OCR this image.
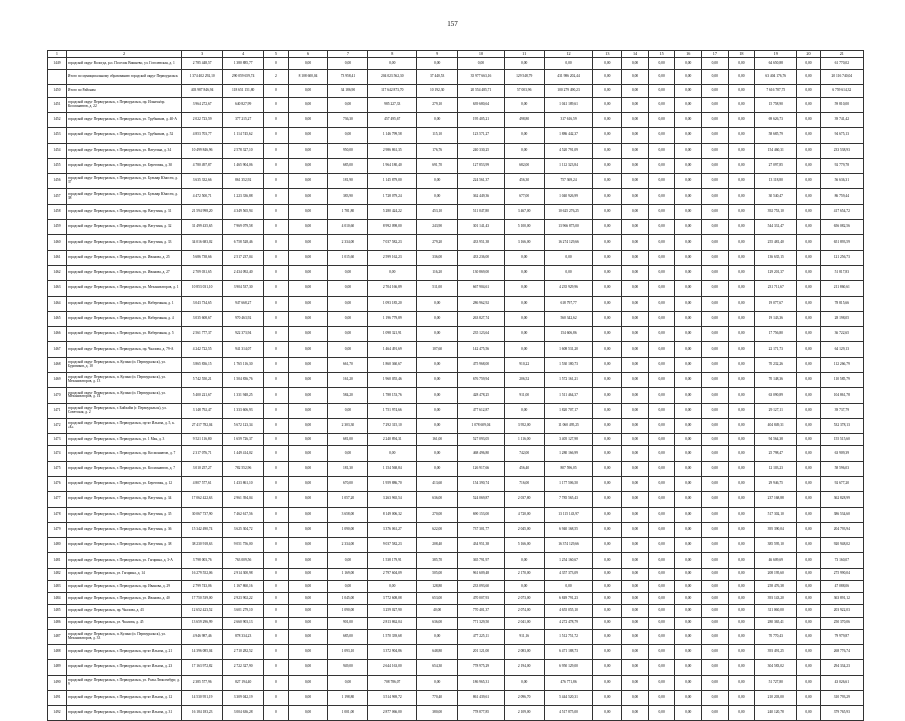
157
1	2	3	4	5	6	7	8	9	10	11	12	13	14	15	16	17	18	19	20	21
1449	городской округ Вологда, р.п. Поселок Вишнево, ул. Гоголевская, д. 1	2 785 448,57	1 380 885,77	0	0,00	0,00	0,00	0,00	0,00	0,00	0,00	0,00	0,00	0,00	0,00	0,00	0,00	64 650,88	0,00	61 770,02
	Итого по муниципальному образованию городской округ Первоуральск	1 374 402 292,10	290 059 659,74	2	8 108 600,04	73 958,41	204 023 562,30	37 440,53	35 977 663,16	129 548,79	431 986 202,44	0,00	0,00	0,00	0,00	0,00	0,00	63 404 176,76	0,00	20 116 740,04
1450	Итого по Районам	403 987 846,94	118 651 151,80	0	0,00	34 186,90	117 642 873,70	10 192,30	20 554 485,71	57 003,96	100 279 490,23	0,00	0,00	0,00	0,00	0,00	0,00	7 616 787,75	0,00	6 759 614,32
1451	городской округ Первоуральск, г. Первоуральск, пр. Ильича/пр. Космонавтов, д. 22	3 964 272,67	640 827,99	0	0,00	0,00	985 227,33	279,10	639 680,64	0,00	1 041 189,61	0,00	0,00	0,00	0,00	0,00	0,00	15 758,90	0,00	59 810,00
1452	городской округ Первоуральск, г. Первоуральск, ул. Трубников, д. 40-А	2 022 723,59	377 215,27	0	0,00	736,30	457 495,67	0,00	195 405,21	498,80	317 616,59	0,00	0,00	0,00	0,00	0,00	0,00	69 626,73	0,00	39 741,42
1453	городской округ Первоуральск, г. Первоуральск, ул. Трубников, д. 52	4 853 703,77	1 114 745,62	0	0,00	0,00	1 146 799,58	115,10	123 571,27	0,00	1 886 442,37	0,00	0,00	0,00	0,00	0,00	0,00	58 685,79	0,00	94 675,13
1454	городской округ Первоуральск, г. Первоуральск, ул. Ватутина, д. 34	10 499 846,96	2 578 327,10	0	0,00	950,00	2 986 861,35	176,76	240 330,25	0,00	4 520 791,09	0,00	0,00	0,00	0,00	0,00	0,00	154 460,31	0,00	233 538,93
1455	городской округ Первоуральск, г. Первоуральск, ул. Береговая, д. 30	4 780 497,87	1 465 904,06	0	0,00	685,00	1 964 180,40	691,70	127 853,99	682,00	1 112 323,84	0,00	0,00	0,00	0,00	0,00	0,00	27 097,85	0,00	92 779,78
1456	городской округ Первоуральск, г. Первоуральск, ул. Бульвар Юности, д. 37	3 635 332,66	861 352,92	0	0,00	181,90	1 145 879,00	0,00	224 561,37	456,30	757 369,24	0,00	0,00	0,00	0,00	0,00	0,00	13 118,80	0,00	56 636,31
1457	городской округ Первоуральск, г. Первоуральск, ул. Бульвар Юности, д. 38	4 472 500,71	1 223 336,88	0	0,00	383,90	1 728 079,24	0,00	362 449,36	677,00	1 040 926,99	0,00	0,00	0,00	0,00	0,00	0,00	30 540,47	0,00	86 759,44
1458	городской округ Первоуральск, г. Первоуральск, пр. Ватутина, д. 31	21 594 998,20	4 349 565,94	0	0,00	1 781,80	5 280 424,22	453,10	511 047,80	3 467,00	10 625 276,25	0,00	0,00	0,00	0,00	0,00	0,00	392 753,10	0,00	417 654,72
1459	городской округ Первоуральск, г. Первоуральск, пр. Ватутина, д. 32	31 499 435,65	7 969 079,58	0	0,00	4 010,60	8 992 098,00	243,90	301 141,43	5 100,00	13 966 875,00	0,00	0,00	0,00	0,00	0,00	0,00	544 331,47	0,00	656 082,56
1460	городской округ Первоуральск, г. Первоуральск, пр. Ватутина, д. 33	34 016 683,02	6 758 528,46	0	0,00	2 334,00	7 037 582,23	279,20	433 951,38	3 166,00	16 274 129,66	0,00	0,00	0,00	0,00	0,00	0,00	255 481,40	0,00	651 893,59
1461	городской округ Первоуральск, г. Первоуральск, ул. Иванова, д. 25	5 686 738,66	2 517 237,04	0	0,00	1 015,60	2 599 162,23	336,00	433 236,00	0,00	0,00	0,00	0,00	0,00	0,00	0,00	0,00	136 635,15	0,00	121 256,73
1462	городской округ Первоуральск, г. Первоуральск, ул. Иванова, д. 27	2 709 031,65	2 434 092,40	0	0,00	0,00	0,00	116,20	130 869,00	0,00	0,00	0,00	0,00	0,00	0,00	0,00	0,00	129 201,37	0,00	51 817,83
1463	городской округ Первоуральск, г. Первоуральск, ул. Механизаторов, д. 1	10 853 031,10	3 904 537,30	0	0,00	0,00	2 704 166,89	511,00	667 904,61	0,00	4 235 929,96	0,00	0,00	0,00	0,00	0,00	0,00	231 711,67	0,00	211 860,61
1464	городской округ Первоуральск, г. Первоуральск, ул. Набережная, д. 1	3 043 734,65	947 668,27	0	0,00	0,00	1 093 185,20	0,00	286 962,92	0,00	618 797,77	0,00	0,00	0,00	0,00	0,00	0,00	19 077,67	0,00	78 815,66
1465	городской округ Первоуральск, г. Первоуральск, ул. Набережная, д. 4	3 035 608,67	970 463,92	0	0,00	0,00	1 196 779,89	0,00	263 827,74	0,00	560 342,62	0,00	0,00	0,00	0,00	0,00	0,00	19 143,36	0,00	28 198,05
1466	городской округ Первоуральск, г. Первоуральск, ул. Набережная, д. 5	2 561 777,37	922 373,94	0	0,00	0,00	1 098 321,91	0,00	235 123,64	0,00	154 606,86	0,00	0,00	0,00	0,00	0,00	0,00	17 756,80	0,00	36 722,65
1467	городской округ Первоуральск, г. Первоуральск, пр. Чкалова, д. 79-А	4 242 722,55	941 314,07	0	0,00	0,00	1 464 491,69	107,60	142 475,56	0,00	1 608 531,20	0,00	0,00	0,00	0,00	0,00	0,00	22 171,73	0,00	64 129,13
1468	городской округ Первоуральск, п. Кузино (п. Первоуральск), ул. Буровиков, д. 10	3 865 836,15	1 765 116,30	0	0,00	661,70	1 860 360,67	0,00	475 968,00	910,22	1 530 180,73	0,00	0,00	0,00	0,00	0,00	0,00	70 232,26	0,00	112 266,79
1469	городской округ Первоуральск, п. Кузино (п. Первоуральск), ул. Механизаторов, д. 13	5 742 550,21	1 504 836,76	0	0,00	161,20	1 960 055,46	0,00	676 759,94	206,52	1 572 161,21	0,00	0,00	0,00	0,00	0,00	0,00	70 148,36	0,00	110 585,79
1470	городской округ Первоуральск, п. Кузино (п. Первоуральск), ул. Механизаторов, д. 14	5 400 221,67	1 331 948,25	0	0,00	584,20	1 788 153,76	0,00	428 478,25	911,00	1 511 464,37	0,00	0,00	0,00	0,00	0,00	0,00	63 090,89	0,00	104 861,78
1471	городской округ Первоуральск, г. Бийхайм (г. Первоуральск), ул. Советская, д. 2	3 148 792,47	1 333 606,93	0	0,00	0,00	1 751 974,66	0,00	477 612,87	0,00	1 820 707,17	0,00	0,00	0,00	0,00	0,00	0,00	29 127,11	0,00	39 737,79
1472	городской округ Первоуральск, г. Первоуральск, пр-кт Ильича, д. 5, к. «Б»	27 417 782,04	5 672 123,34	0	0,00	2 303,30	7 292 315,10	0,00	1 078 609,04	3 952,00	11 060 495,25	0,00	0,00	0,00	0,00	0,00	0,00	404 849,31	0,00	532 378,13
1473	городской округ Первоуральск, г. Первоуральск, ул. 1 Мая, д. 3	9 521 116,80	1 659 726,37	0	0,00	681,00	2 240 894,31	161,00	527 093,05	1 116,00	3 405 127,98	0,00	0,00	0,00	0,00	0,00	0,00	94 564,38	0,00	155 515,60
1474	городской округ Первоуральск, г. Первоуральск, пр. Космонавтов, д. 7	2 317 076,71	1 449 414,02	0	0,00	0,00	0,00	0,00	468 496,80	742,00	1 280 166,99	0,00	0,00	0,00	0,00	0,00	0,00	25 798,47	0,00	63 909,39
1475	городской округ Первоуральск, г. Первоуральск, ул. Космонавтов, д. 7	3 010 257,27	782 552,96	0	0,00	181,30	1 154 568,84	0,00	126 917,66	456,40	807 596,05	0,00	0,00	0,00	0,00	0,00	0,00	12 103,23	0,00	58 596,03
1476	городской округ Первоуральск, г. Первоуральск, ул. Береговая, д. 12	4 807 577,61	1 433 861,10	0	0,00	670,00	1 959 886,70	413,60	154 390,74	716,00	1 177 506,50	0,00	0,00	0,00	0,00	0,00	0,00	29 946,75	0,00	92 677,20
1477	городской округ Первоуральск, г. Первоуральск, пр. Ватутина, д. 34	17 062 422,63	2 961 394,04	0	0,00	1 057,20	3 263 965,54	636,00	524 069,87	2 037,80	7 785 565,43	0,00	0,00	0,00	0,00	0,00	0,00	237 168,88	0,00	362 828,99
1478	городской округ Первоуральск, г. Первоуральск, пр. Ватутина, д. 35	30 067 737,90	7 462 617,56	0	0,00	3 658,00	8 149 006,32	270,00	690 153,00	4 720,00	13 115 143,97	0,00	0,00	0,00	0,00	0,00	0,00	517 302,10	0,00	386 534,60
1479	городской округ Первоуральск, г. Первоуральск, пр. Ватутина, д. 36	15 342 490,74	3 625 304,72	0	0,00	1 090,00	3 376 061,27	622,00	737 301,77	2 045,00	6 940 168,55	0,00	0,00	0,00	0,00	0,00	0,00	395 390,04	0,00	204 793,94
1480	городской округ Первоуральск, г. Первоуральск, пр. Ватутина, д. 38	38 230 918,63	9 051 756,00	0	0,00	2 334,00	9 037 582,23	208,40	434 951,38	5 166,00	16 374 129,66	0,00	0,00	0,00	0,00	0,00	0,00	385 595,10	0,00	920 948,02
1481	городской округ Первоуральск, г. Первоуральск, ул. Гагарина, д. 3-А	3 798 003,76	763 009,56	0	0,00	0,00	1 538 179,91	385,70	365 791,97	0,00	1 254 160,67	0,00	0,00	0,00	0,00	0,00	0,00	46 609,69	0,00	73 160,07
1482	городской округ Первоуральск, ул. Гагарина, д. 14	16 279 552,06	2 914 300,98	0	0,00	1 169,00	2 797 604,09	505,00	961 609,48	2 170,00	4 357 373,09	0,00	0,00	0,00	0,00	0,00	0,00	208 195,60	0,00	275 990,04
1483	городской округ Первоуральск, г. Первоуральск, пр. Иванова, д. 29	2 799 743,06	1 167 860,16	0	0,00	0,00	0,00	128,80	233 093,60	0,00	0,00	0,00	0,00	0,00	0,00	0,00	0,00	258 476,38	0,00	47 088,06
1484	городской округ Первоуральск, г. Первоуральск, ул. Иванова, д. 40	17 750 539,00	2 923 902,22	0	0,00	1 045,00	3 772 608,08	653,00	470 007,93	2 073,00	6 849 791,23	0,00	0,00	0,00	0,00	0,00	0,00	393 143,20	0,00	363 891,12
1485	городской округ Первоуральск, пр. Чкалова, д. 43	12 652 423,52	3 601 279,10	0	0,00	1 090,00	3 259 027,90	40,00	770 401,37	2 074,00	4 655 055,10	0,00	0,00	0,00	0,00	0,00	0,00	311 060,00	0,00	203 922,03
1486	городской округ Первоуральск, ул. Чкалова, д. 45	13 659 296,99	2 660 903,13	0	0,00	901,00	2 813 862,04	636,00	771 329,50	2 041,00	4 272 478,79	0,00	0,00	0,00	0,00	0,00	0,00	280 365,41	0,00	250 370,06
1487	городской округ Первоуральск, п. Кузино (п. Первоуральск), ул. Механизаторов, д. 33	4 946 987,46	878 334,23	0	0,00	685,00	1 570 339,68	0,00	477 225,11	911,16	1 512 751,72	0,00	0,00	0,00	0,00	0,00	0,00	70 770,43	0,00	79 979,87
1488	городской округ Первоуральск, г. Первоуральск, пр-кт Ильича, д. 21	14 396 085,04	2 710 282,52	0	0,00	1 093,10	3 372 904,86	648,80	201 121,00	2 083,00	6 471 188,73	0,00	0,00	0,00	0,00	0,00	0,00	393 491,25	0,00	268 776,74
1489	городской округ Первоуральск, г. Первоуральск, пр-кт Ильича, д. 23	17 163 972,82	2 722 327,90	0	0,00	949,00	2 644 163,00	654,30	778 975,29	2 194,00	6 950 129,00	0,00	0,00	0,00	0,00	0,00	0,00	304 583,02	0,00	294 334,23
1490	городской округ Первоуральск, г. Первоуральск, ул. Ролы Люксембург, д. 9	2 385 577,96	827 194,40	0	0,00	0,00	708 786,07	0,00	186 965,31	0,00	476 771,86	0,00	0,00	0,00	0,00	0,00	0,00	51 727,80	0,00	43 026,61
1491	городской округ Первоуральск, г. Первоуральск, пр-кт Ильича, д. 12	14 530 951,19	3 309 042,19	0	0,00	1 198,80	3 514 969,72	770,40	861 439,61	2 096,70	5 444 520,31	0,00	0,00	0,00	0,00	0,00	0,00	210 203,00	0,00	310 793,29
1492	городской округ Первоуральск, г. Первоуральск, пр-кт Ильича, д. 31	16 184 183,23	3 004 636,28	0	0,00	1 001,00	2 877 066,00	380,00	778 877,85	2 109,00	4 517 875,00	0,00	0,00	0,00	0,00	0,00	0,00	240 120,78	0,00	379 765,93
